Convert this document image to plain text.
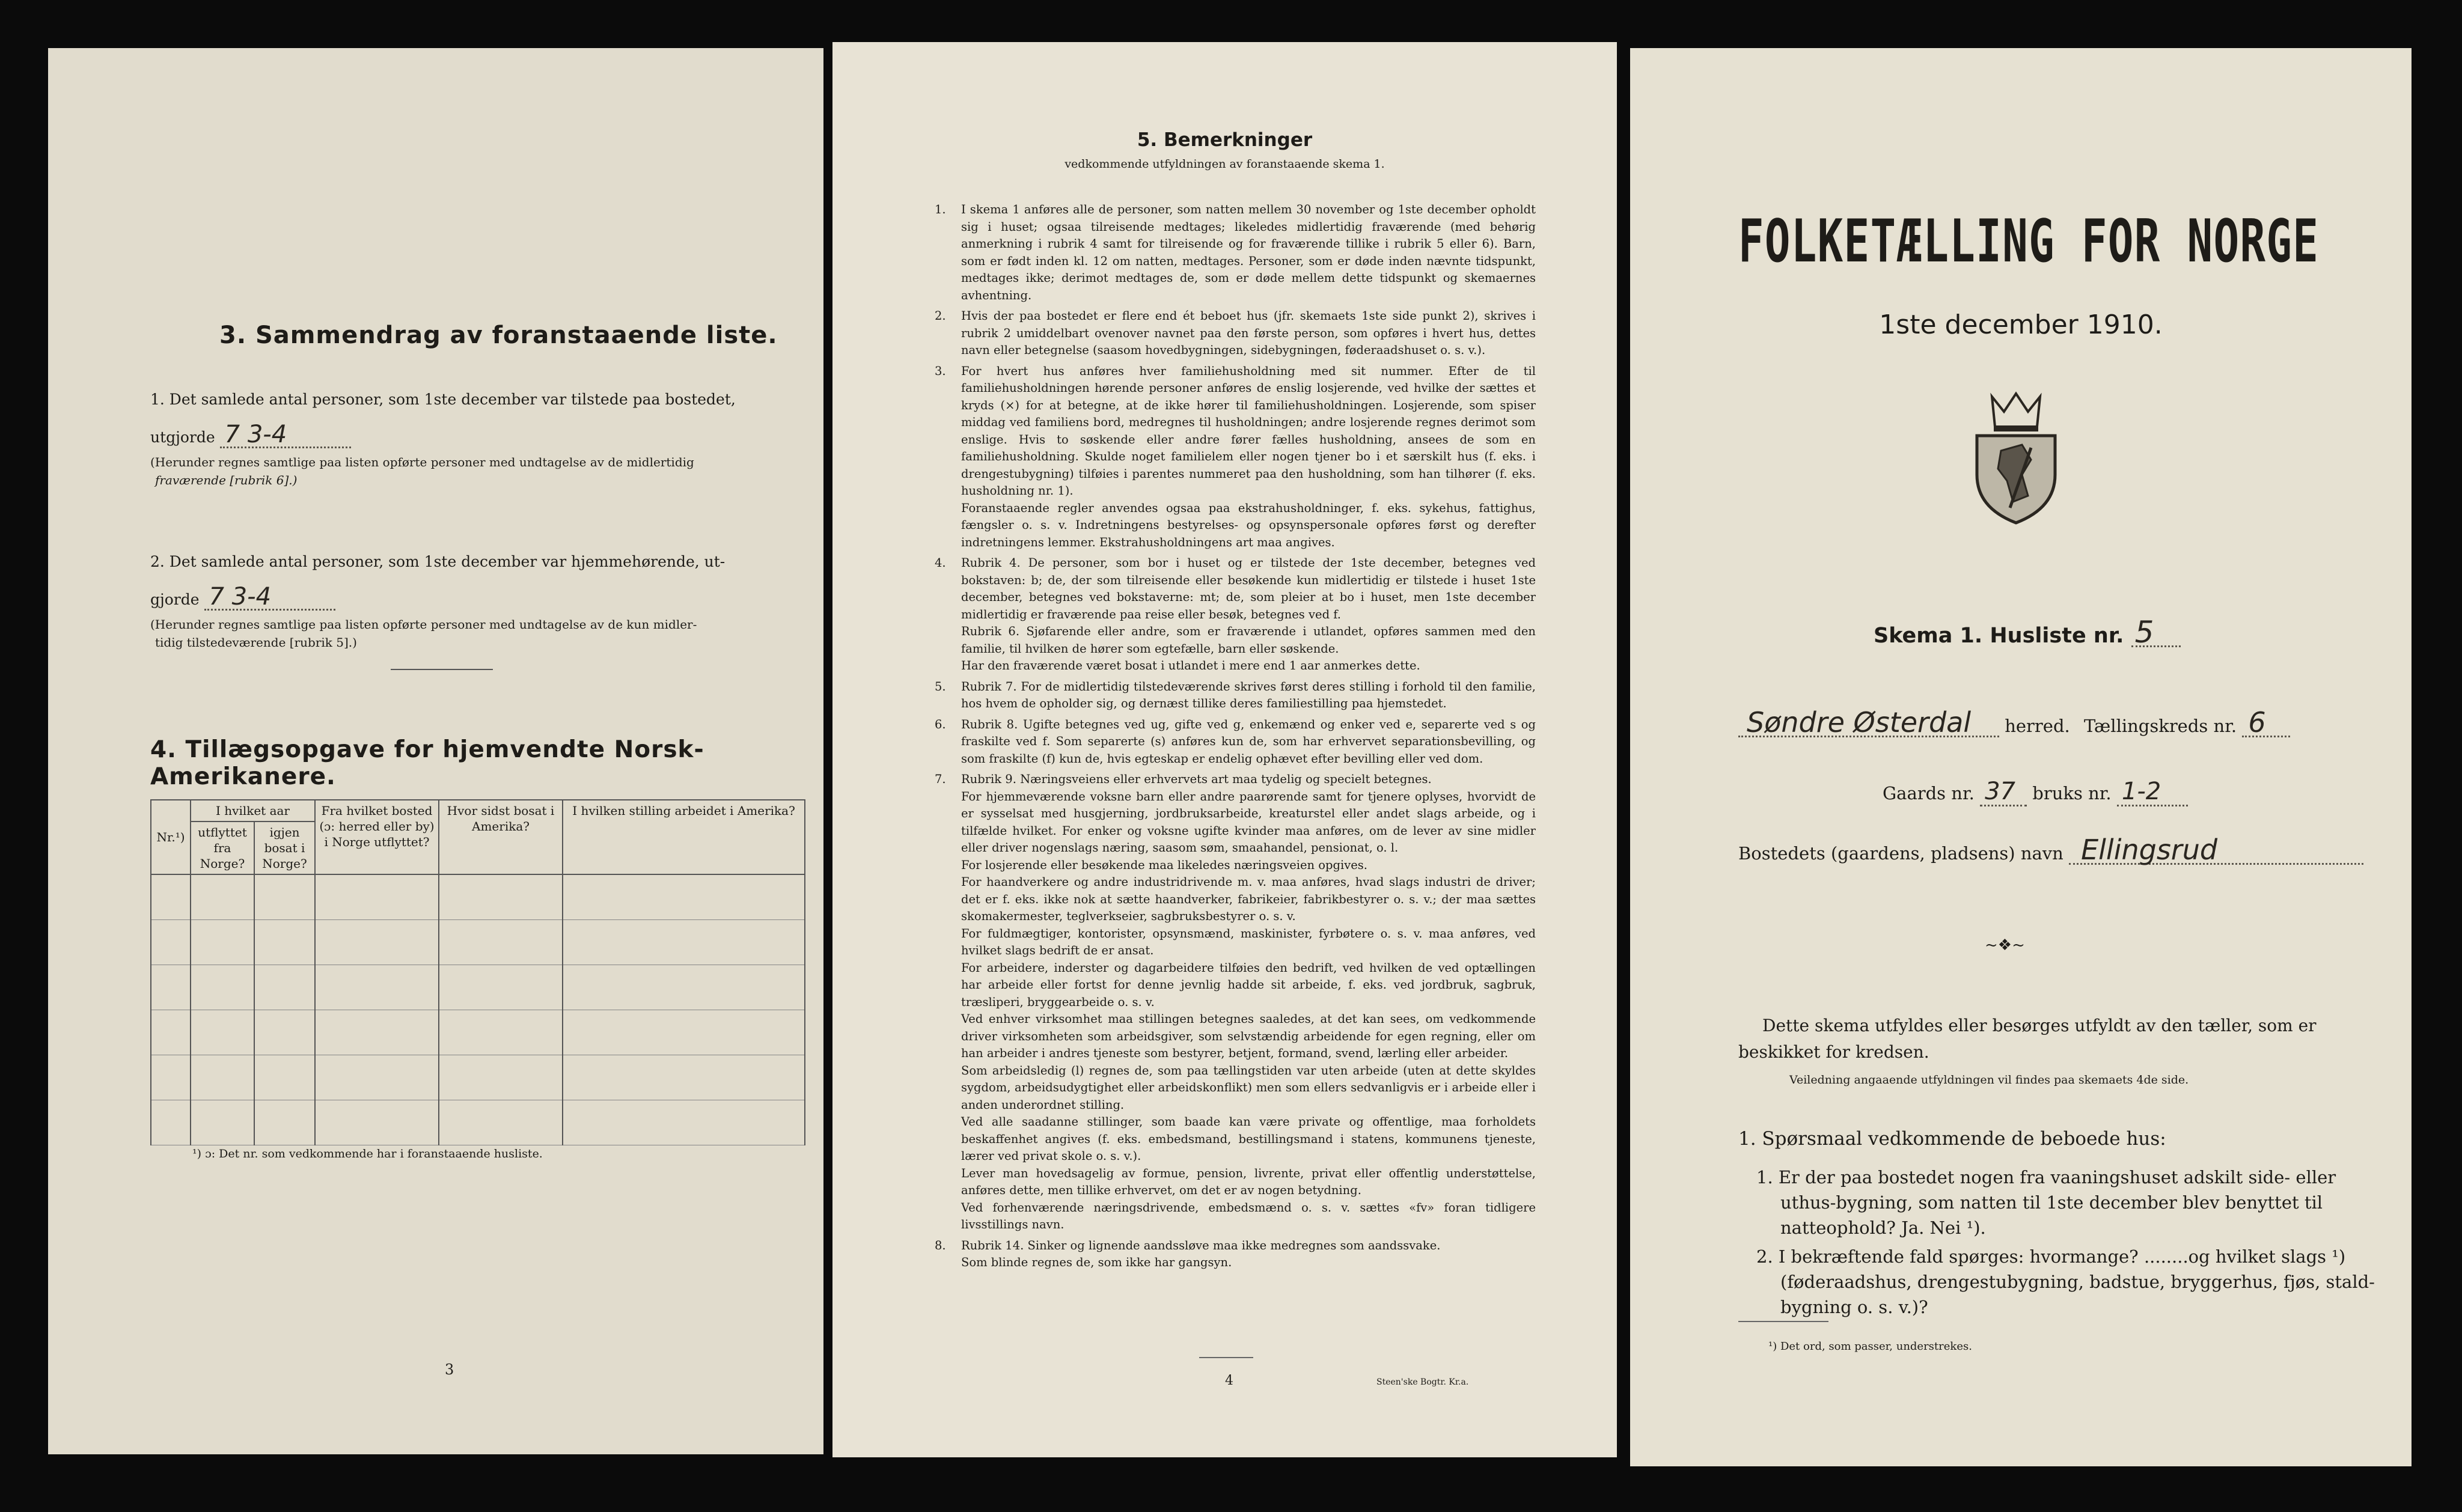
3. Sammendrag av foranstaaende liste.
1. Det samlede antal personer, som 1ste december var tilstede paa bostedet,
utgjorde 7 3-4
(Herunder regnes samtlige paa listen opførte personer med undtagelse av de midlertidig
fraværende [rubrik 6].)
2. Det samlede antal personer, som 1ste december var hjemmehørende, ut-
gjorde 7 3-4
(Herunder regnes samtlige paa listen opførte personer med undtagelse av de kun midler-
tidig tilstedeværende [rubrik 5].)
4. Tillægsopgave for hjemvendte Norsk-Amerikanere.
Nr.¹)	I hvilket aar		Fra hvilket bosted (ɔ: herred eller by) i Norge utflyttet?	Hvor sidst bosat i Amerika?	I hvilken stilling arbeidet i Amerika?
	utflyttet fra Norge?	igjen bosat i Norge?			

¹) ɔ: Det nr. som vedkommende har i foranstaaende husliste.
3
5. Bemerkninger
vedkommende utfyldningen av foranstaaende skema 1.
1. I skema 1 anføres alle de personer, som natten mellem 30 november og 1ste december opholdt sig i huset; ogsaa tilreisende medtages; likeledes midlertidig fraværende (med behørig anmerkning i rubrik 4 samt for tilreisende og for fraværende tillike i rubrik 5 eller 6). Barn, som er født inden kl. 12 om natten, medtages. Personer, som er døde inden nævnte tidspunkt, medtages ikke; derimot medtages de, som er døde mellem dette tidspunkt og skemaernes avhentning.
2. Hvis der paa bostedet er flere end ét beboet hus (jfr. skemaets 1ste side punkt 2), skrives i rubrik 2 umiddelbart ovenover navnet paa den første person, som opføres i hvert hus, dettes navn eller betegnelse (saasom hovedbygningen, sidebygningen, føderaadshuset o. s. v.).
3. For hvert hus anføres hver familiehusholdning med sit nummer. Efter de til familiehusholdningen hørende personer anføres de enslig losjerende, ved hvilke der sættes et kryds (×) for at betegne, at de ikke hører til familiehusholdningen. Losjerende, som spiser middag ved familiens bord, medregnes til husholdningen; andre losjerende regnes derimot som enslige. Hvis to søskende eller andre fører fælles husholdning, ansees de som en familiehusholdning. Skulde noget familielem eller nogen tjener bo i et særskilt hus (f. eks. i drengestubygning) tilføies i parentes nummeret paa den husholdning, som han tilhører (f. eks. husholdning nr. 1).
Foranstaaende regler anvendes ogsaa paa ekstrahusholdninger, f. eks. sykehus, fattighus, fængsler o. s. v. Indretningens bestyrelses- og opsynspersonale opføres først og derefter indretningens lemmer. Ekstrahusholdningens art maa angives.
4. Rubrik 4. De personer, som bor i huset og er tilstede der 1ste december, betegnes ved bokstaven: b; de, der som tilreisende eller besøkende kun midlertidig er tilstede i huset 1ste december, betegnes ved bokstaverne: mt; de, som pleier at bo i huset, men 1ste december midlertidig er fraværende paa reise eller besøk, betegnes ved f.
Rubrik 6. Sjøfarende eller andre, som er fraværende i utlandet, opføres sammen med den familie, til hvilken de hører som egtefælle, barn eller søskende.
Har den fraværende været bosat i utlandet i mere end 1 aar anmerkes dette.
5. Rubrik 7. For de midlertidig tilstedeværende skrives først deres stilling i forhold til den familie, hos hvem de opholder sig, og dernæst tillike deres familiestilling paa hjemstedet.
6. Rubrik 8. Ugifte betegnes ved ug, gifte ved g, enkemænd og enker ved e, separerte ved s og fraskilte ved f. Som separerte (s) anføres kun de, som har erhvervet separationsbevilling, og som fraskilte (f) kun de, hvis egteskap er endelig ophævet efter bevilling eller ved dom.
7. Rubrik 9. Næringsveiens eller erhvervets art maa tydelig og specielt betegnes.
For hjemmeværende voksne barn eller andre paarørende samt for tjenere oplyses, hvorvidt de er sysselsat med husgjerning, jordbruksarbeide, kreaturstel eller andet slags arbeide, og i tilfælde hvilket. For enker og voksne ugifte kvinder maa anføres, om de lever av sine midler eller driver nogenslags næring, saasom søm, smaahandel, pensionat, o. l.
For losjerende eller besøkende maa likeledes næringsveien opgives.
For haandverkere og andre industridrivende m. v. maa anføres, hvad slags industri de driver; det er f. eks. ikke nok at sætte haandverker, fabrikeier, fabrikbestyrer o. s. v.; der maa sættes skomakermester, teglverkseier, sagbruksbestyrer o. s. v.
For fuldmægtiger, kontorister, opsynsmænd, maskinister, fyrbøtere o. s. v. maa anføres, ved hvilket slags bedrift de er ansat.
For arbeidere, inderster og dagarbeidere tilføies den bedrift, ved hvilken de ved optællingen har arbeide eller fortst for denne jevnlig hadde sit arbeide, f. eks. ved jordbruk, sagbruk, træsliperi, bryggearbeide o. s. v.
Ved enhver virksomhet maa stillingen betegnes saaledes, at det kan sees, om vedkommende driver virksomheten som arbeidsgiver, som selvstændig arbeidende for egen regning, eller om han arbeider i andres tjeneste som bestyrer, betjent, formand, svend, lærling eller arbeider.
Som arbeidsledig (l) regnes de, som paa tællingstiden var uten arbeide (uten at dette skyldes sygdom, arbeidsudygtighet eller arbeidskonflikt) men som ellers sedvanligvis er i arbeide eller i anden underordnet stilling.
Ved alle saadanne stillinger, som baade kan være private og offentlige, maa forholdets beskaffenhet angives (f. eks. embedsmand, bestillingsmand i statens, kommunens tjeneste, lærer ved privat skole o. s. v.).
Lever man hovedsagelig av formue, pension, livrente, privat eller offentlig understøttelse, anføres dette, men tillike erhvervet, om det er av nogen betydning.
Ved forhenværende næringsdrivende, embedsmænd o. s. v. sættes «fv» foran tidligere livsstillings navn.
8. Rubrik 14. Sinker og lignende aandssløve maa ikke medregnes som aandssvake.
Som blinde regnes de, som ikke har gangsyn.
4	Steen'ske Bogtr. Kr.a.
FOLKETÆLLING FOR NORGE
1ste december 1910.
Skema 1. Husliste nr. 5
Søndre Østerdal herred. Tællingskreds nr. 6
Gaards nr. 37 bruks nr. 1-2
Bostedets (gaardens, pladsens) navn Ellingsrud
~❖~
Dette skema utfyldes eller besørges utfyldt av den tæller, som er
beskikket for kredsen.
Veiledning angaaende utfyldningen vil findes paa skemaets 4de side.
1. Spørsmaal vedkommende de beboede hus:
1. Er der paa bostedet nogen fra vaaningshuset adskilt side- eller
uthus-bygning, som natten til 1ste december blev benyttet til
natteophold? Ja. Nei ¹).
2. I bekræftende fald spørges: hvormange? ........og hvilket slags ¹)
(føderaadshus, drengestubygning, badstue, bryggerhus, fjøs, stald-
bygning o. s. v.)?
¹) Det ord, som passer, understrekes.
